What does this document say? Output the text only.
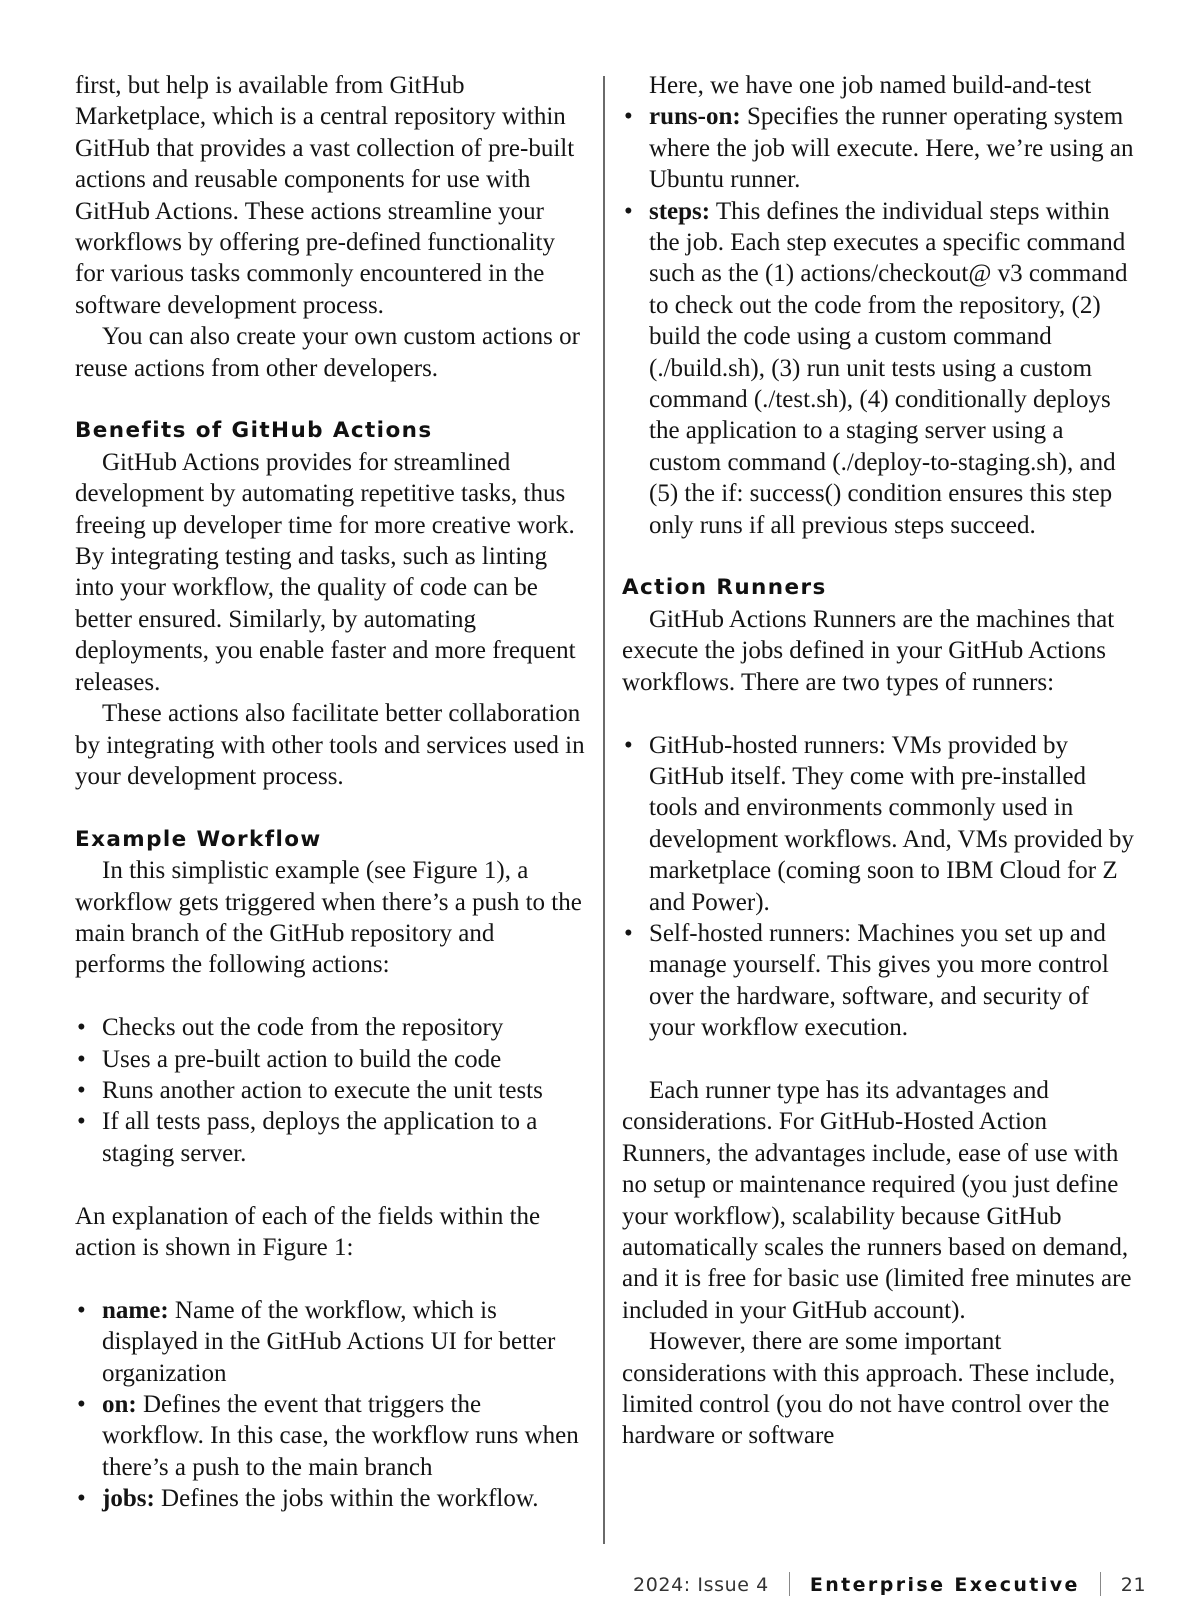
first, but help is available from GitHub Marketplace, which is a central repository within GitHub that provides a vast collection of pre-built actions and reusable components for use with GitHub Actions. These actions streamline your workflows by offering pre-defined functionality for various tasks commonly encountered in the software development process.

You can also create your own custom actions or reuse actions from other developers.

Benefits of GitHub Actions

GitHub Actions provides for streamlined development by automating repetitive tasks, thus freeing up developer time for more creative work. By integrating testing and tasks, such as linting into your workflow, the quality of code can be better ensured. Similarly, by automating deployments, you enable faster and more frequent releases.

These actions also facilitate better collaboration by integrating with other tools and services used in your development process.

Example Workflow

In this simplistic example (see Figure 1), a workflow gets triggered when there’s a push to the main branch of the GitHub repository and performs the following actions:

• Checks out the code from the repository
• Uses a pre-built action to build the code
• Runs another action to execute the unit tests
• If all tests pass, deploys the application to a staging server.

An explanation of each of the fields within the action is shown in Figure 1:

• name: Name of the workflow, which is displayed in the GitHub Actions UI for better organization
• on: Defines the event that triggers the workflow. In this case, the workflow runs when there’s a push to the main branch
• jobs: Defines the jobs within the workflow.

Here, we have one job named build-and-test

• runs-on: Specifies the runner operating system where the job will execute. Here, we’re using an Ubuntu runner.
• steps: This defines the individual steps within the job. Each step executes a specific command such as the (1) actions/checkout@ v3 command to check out the code from the repository, (2) build the code using a custom command (./build.sh), (3) run unit tests using a custom command (./test.sh), (4) conditionally deploys the application to a staging server using a custom command (./deploy-to-staging.sh), and (5) the if: success() condition ensures this step only runs if all previous steps succeed.
Action Runners

GitHub Actions Runners are the machines that execute the jobs defined in your GitHub Actions workflows. There are two types of runners:

• GitHub-hosted runners: VMs provided by GitHub itself. They come with pre-installed tools and environments commonly used in development workflows. And, VMs provided by marketplace (coming soon to IBM Cloud for Z and Power).
• Self-hosted runners: Machines you set up and manage yourself. This gives you more control over the hardware, software, and security of your workflow execution.

Each runner type has its advantages and considerations. For GitHub-Hosted Action Runners, the advantages include, ease of use with no setup or maintenance required (you just define your workflow), scalability because GitHub automatically scales the runners based on demand, and it is free for basic use (limited free minutes are included in your GitHub account).

However, there are some important considerations with this approach. These include, limited control (you do not have control over the hardware or software

2024: Issue 4 Enterprise Executive 21
